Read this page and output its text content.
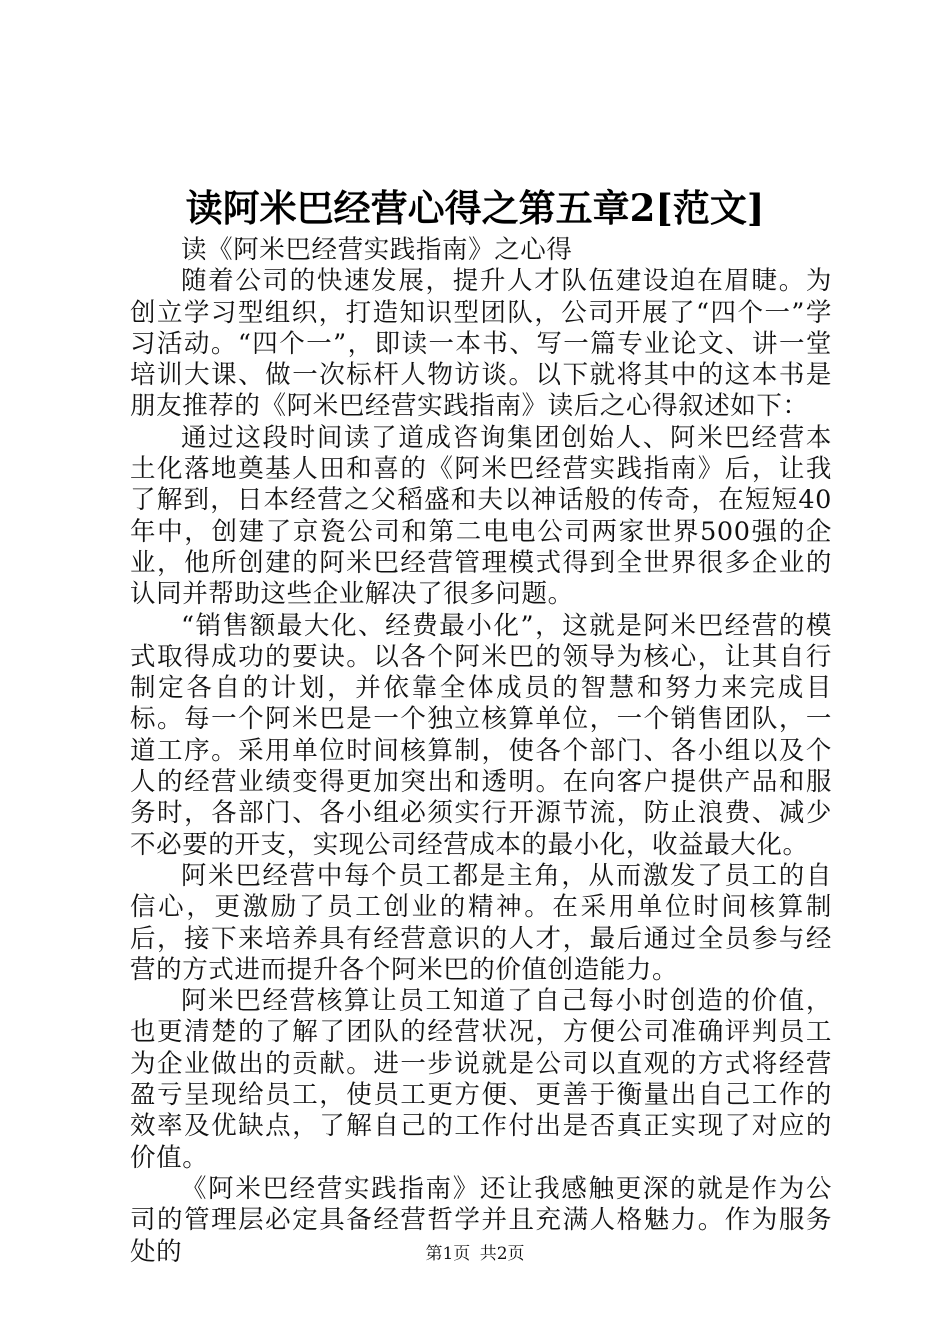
读阿米巴经营心得之第五章2[范文]

读《阿米巴经营实践指南》之心得

随着公司的快速发展，提升人才队伍建设迫在眉睫。为创立学习型组织，打造知识型团队，公司开展了“四个一”学习活动。“四个一”，即读一本书、写一篇专业论文、讲一堂培训大课、做一次标杆人物访谈。以下就将其中的这本书是朋友推荐的《阿米巴经营实践指南》读后之心得叙述如下：

通过这段时间读了道成咨询集团创始人、阿米巴经营本土化落地奠基人田和喜的《阿米巴经营实践指南》后，让我了解到，日本经营之父稻盛和夫以神话般的传奇，在短短40年中，创建了京瓷公司和第二电电公司两家世界500强的企业，他所创建的阿米巴经营管理模式得到全世界很多企业的认同并帮助这些企业解决了很多问题。

“销售额最大化、经费最小化”，这就是阿米巴经营的模式取得成功的要诀。以各个阿米巴的领导为核心，让其自行制定各自的计划，并依靠全体成员的智慧和努力来完成目标。每一个阿米巴是一个独立核算单位，一个销售团队，一道工序。采用单位时间核算制，使各个部门、各小组以及个人的经营业绩变得更加突出和透明。在向客户提供产品和服务时，各部门、各小组必须实行开源节流，防止浪费、减少不必要的开支，实现公司经营成本的最小化，收益最大化。

阿米巴经营中每个员工都是主角，从而激发了员工的自信心，更激励了员工创业的精神。在采用单位时间核算制后，接下来培养具有经营意识的人才，最后通过全员参与经营的方式进而提升各个阿米巴的价值创造能力。

阿米巴经营核算让员工知道了自己每小时创造的价值，也更清楚的了解了团队的经营状况，方便公司准确评判员工为企业做出的贡献。进一步说就是公司以直观的方式将经营盈亏呈现给员工，使员工更方便、更善于衡量出自己工作的效率及优缺点，了解自己的工作付出是否真正实现了对应的价值。

《阿米巴经营实践指南》还让我感触更深的就是作为公司的管理层必定具备经营哲学并且充满人格魅力。作为服务处的	第1页 共2页
